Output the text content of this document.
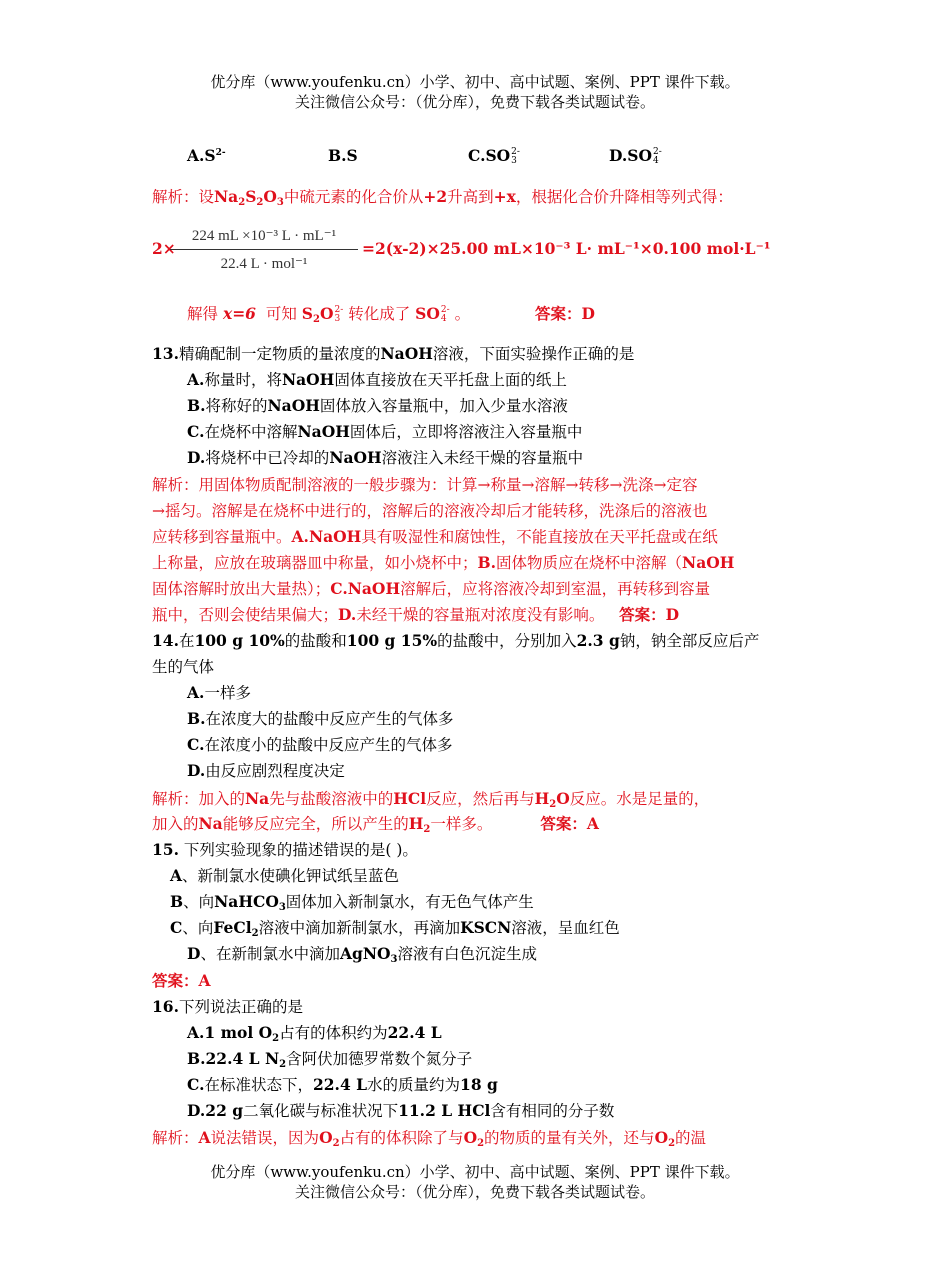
优分库（www.youfenku.cn）小学、初中、高中试题、案例、PPT 课件下载。
关注微信公众号：（优分库），免费下载各类试题试卷。
$A.S^{2-}$	B.S	C.SO 2-
3	D.SO 2-
4
解析：设$Na_2S_2O_3$中硫元素的化合价从+2升高到+x，根据化合价升降相等列式得：
2×
224 mL ×10⁻³ L · mL⁻¹
22.4 L · mol⁻¹
=2(x-2)×25.00 mL×10⁻³ L· mL⁻¹×0.100 mol·L⁻¹
解得 x=6 可知 $S_2O$ 2-
3 转化成了 SO 2-
4 。	答案：D
13.精确配制一定物质的量浓度的NaOH溶液，下面实验操作正确的是
A.称量时，将NaOH固体直接放在天平托盘上面的纸上
B.将称好的NaOH固体放入容量瓶中，加入少量水溶液
C.在烧杯中溶解NaOH固体后，立即将溶液注入容量瓶中
D.将烧杯中已冷却的NaOH溶液注入未经干燥的容量瓶中
解析：用固体物质配制溶液的一般步骤为：计算→称量→溶解→转移→洗涤→定容
→摇匀。溶解是在烧杯中进行的，溶解后的溶液冷却后才能转移，洗涤后的溶液也
应转移到容量瓶中。A.NaOH具有吸湿性和腐蚀性，不能直接放在天平托盘或在纸
上称量，应放在玻璃器皿中称量，如小烧杯中；B.固体物质应在烧杯中溶解（NaOH
固体溶解时放出大量热）；C.NaOH溶解后，应将溶液冷却到室温，再转移到容量
瓶中，否则会使结果偏大；D.未经干燥的容量瓶对浓度没有影响。 答案：D
14.在100 g 10%的盐酸和100 g 15%的盐酸中，分别加入2.3 g钠，钠全部反应后产
生的气体
A.一样多
B.在浓度大的盐酸中反应产生的气体多
C.在浓度小的盐酸中反应产生的气体多
D.由反应剧烈程度决定
解析：加入的Na先与盐酸溶液中的HCl反应，然后再与$H_2O$反应。水是足量的，
加入的Na能够反应完全，所以产生的$H_2$一样多。	答案：A
15. 下列实验现象的描述错误的是( )。
A、新制氯水使碘化钾试纸呈蓝色
B、向NaHCO$_3$固体加入新制氯水，有无色气体产生
C、向FeCl$_2$溶液中滴加新制氯水，再滴加KSCN溶液，呈血红色
D、在新制氯水中滴加AgNO$_3$溶液有白色沉淀生成
答案：A
16.下列说法正确的是
A.1 mol $O_2$占有的体积约为22.4 L
B.22.4 L $N_2$含阿伏加德罗常数个氮分子
C.在标准状态下，22.4 L水的质量约为18 g
D.22 g二氧化碳与标准状况下11.2 L HCl含有相同的分子数
解析：A说法错误，因为$O_2$占有的体积除了与$O_2$的物质的量有关外，还与$O_2$的温
优分库（www.youfenku.cn）小学、初中、高中试题、案例、PPT 课件下载。
关注微信公众号：（优分库），免费下载各类试题试卷。
